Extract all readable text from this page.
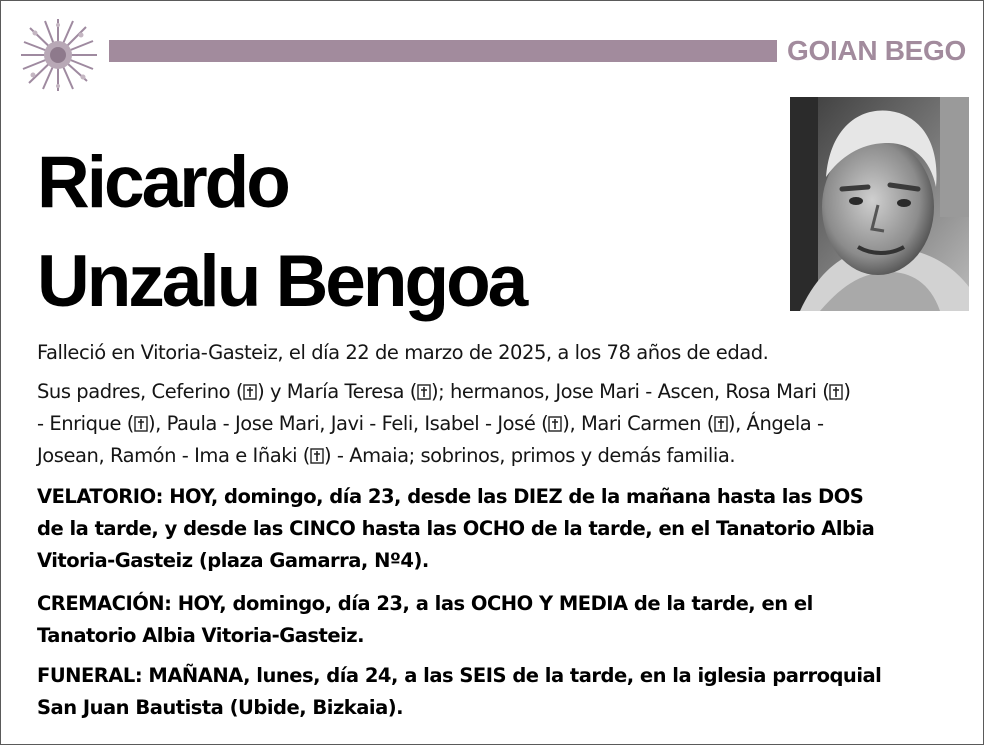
GOIAN BEGO
Ricardo
Unzalu Bengoa
Falleció en Vitoria-Gasteiz, el día 22 de marzo de 2025, a los 78 años de edad.
Sus padres, Ceferino ( ) y María Teresa ( ); hermanos, Jose Mari - Ascen, Rosa Mari ( )
- Enrique ( ), Paula - Jose Mari, Javi - Feli, Isabel - José ( ), Mari Carmen ( ), Ángela -
Josean, Ramón - Ima e Iñaki ( ) - Amaia; sobrinos, primos y demás familia.
VELATORIO: HOY, domingo, día 23, desde las DIEZ de la mañana hasta las DOS
de la tarde, y desde las CINCO hasta las OCHO de la tarde, en el Tanatorio Albia
Vitoria-Gasteiz (plaza Gamarra, Nº4).
CREMACIÓN: HOY, domingo, día 23, a las OCHO Y MEDIA de la tarde, en el
Tanatorio Albia Vitoria-Gasteiz.
FUNERAL: MAÑANA, lunes, día 24, a las SEIS de la tarde, en la iglesia parroquial
San Juan Bautista (Ubide, Bizkaia).
